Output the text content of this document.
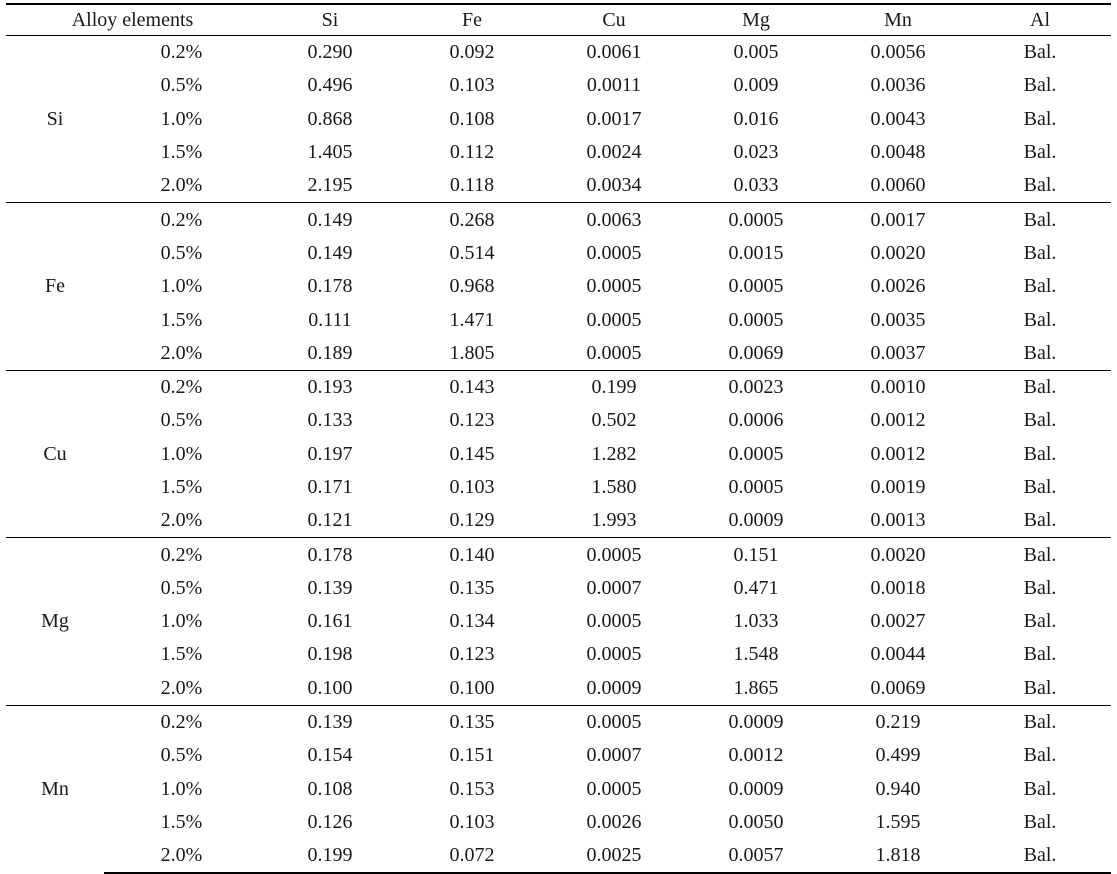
Alloy elements		Si	Fe	Cu	Mg	Mn	Al
Si	0.2%	0.290	0.092	0.0061	0.005	0.0056	Bal.
	0.5%	0.496	0.103	0.0011	0.009	0.0036	Bal.
	1.0%	0.868	0.108	0.0017	0.016	0.0043	Bal.
	1.5%	1.405	0.112	0.0024	0.023	0.0048	Bal.
	2.0%	2.195	0.118	0.0034	0.033	0.0060	Bal.
Fe	0.2%	0.149	0.268	0.0063	0.0005	0.0017	Bal.
	0.5%	0.149	0.514	0.0005	0.0015	0.0020	Bal.
	1.0%	0.178	0.968	0.0005	0.0005	0.0026	Bal.
	1.5%	0.111	1.471	0.0005	0.0005	0.0035	Bal.
	2.0%	0.189	1.805	0.0005	0.0069	0.0037	Bal.
Cu	0.2%	0.193	0.143	0.199	0.0023	0.0010	Bal.
	0.5%	0.133	0.123	0.502	0.0006	0.0012	Bal.
	1.0%	0.197	0.145	1.282	0.0005	0.0012	Bal.
	1.5%	0.171	0.103	1.580	0.0005	0.0019	Bal.
	2.0%	0.121	0.129	1.993	0.0009	0.0013	Bal.
Mg	0.2%	0.178	0.140	0.0005	0.151	0.0020	Bal.
	0.5%	0.139	0.135	0.0007	0.471	0.0018	Bal.
	1.0%	0.161	0.134	0.0005	1.033	0.0027	Bal.
	1.5%	0.198	0.123	0.0005	1.548	0.0044	Bal.
	2.0%	0.100	0.100	0.0009	1.865	0.0069	Bal.
Mn	0.2%	0.139	0.135	0.0005	0.0009	0.219	Bal.
	0.5%	0.154	0.151	0.0007	0.0012	0.499	Bal.
	1.0%	0.108	0.153	0.0005	0.0009	0.940	Bal.
	1.5%	0.126	0.103	0.0026	0.0050	1.595	Bal.
	2.0%	0.199	0.072	0.0025	0.0057	1.818	Bal.
